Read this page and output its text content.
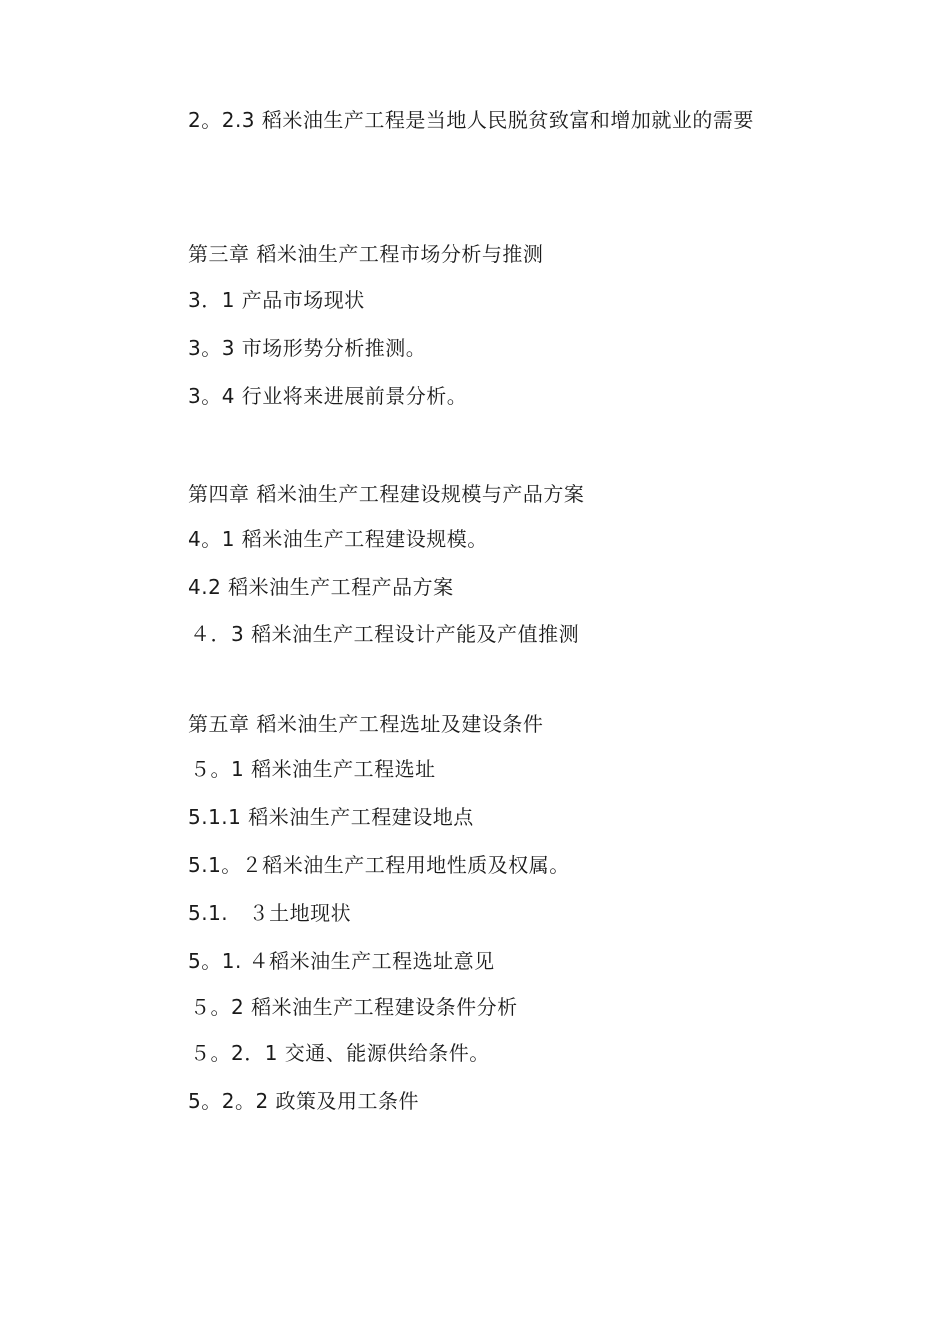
2。2.3 稻米油生产工程是当地人民脱贫致富和增加就业的需要
第三章 稻米油生产工程市场分析与推测
3．1 产品市场现状
3。3 市场形势分析推测。
3。4 行业将来进展前景分析。
第四章 稻米油生产工程建设规模与产品方案
4。1 稻米油生产工程建设规模。
4.2 稻米油生产工程产品方案
４．3 稻米油生产工程设计产能及产值推测
第五章 稻米油生产工程选址及建设条件
５。1 稻米油生产工程选址
5.1.1 稻米油生产工程建设地点
5.1。２稻米油生产工程用地性质及权属。
5.1.　３土地现状
5。1. ４稻米油生产工程选址意见
５。2 稻米油生产工程建设条件分析
５。2．1 交通、能源供给条件。
5。2。2 政策及用工条件
